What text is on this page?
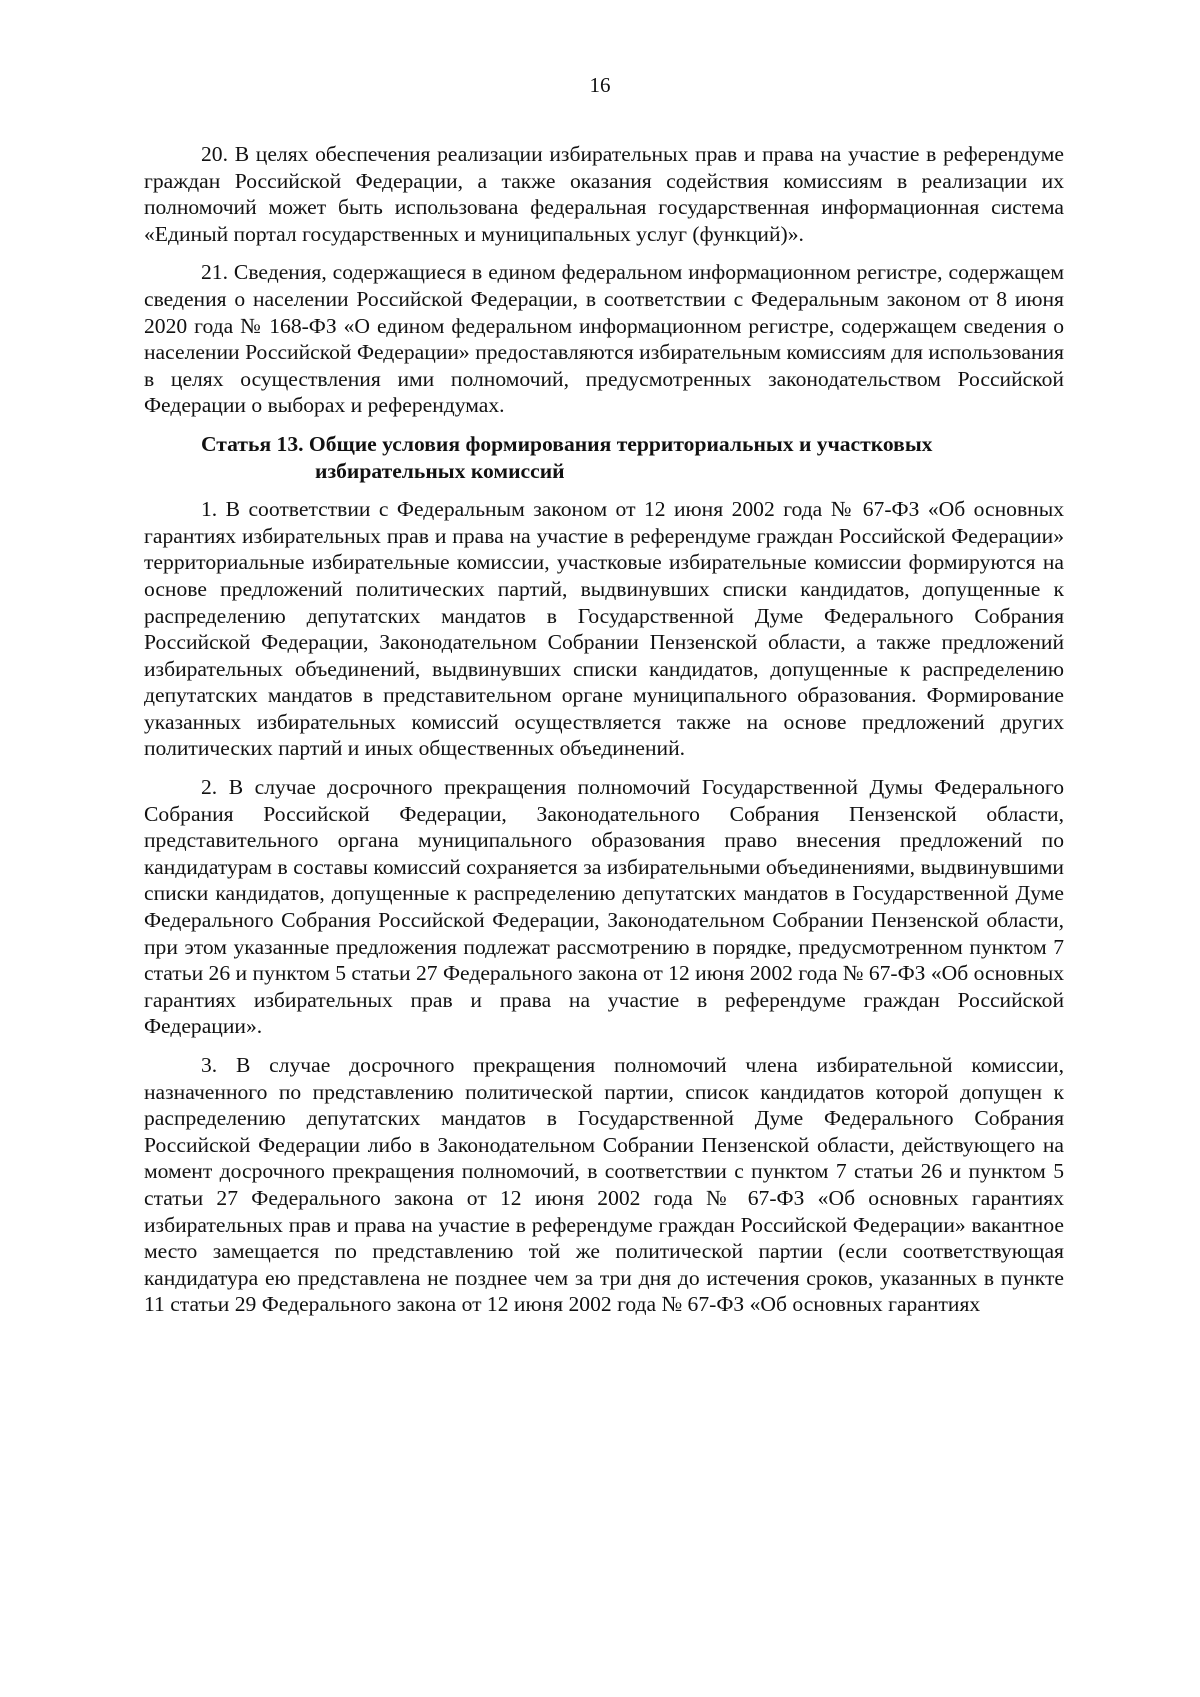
16

20. В целях обеспечения реализации избирательных прав и права на участие в референдуме граждан Российской Федерации, а также оказания содействия комиссиям в реализации их полномочий может быть использована федеральная государственная информационная система «Единый портал государственных и муниципальных услуг (функций)».

21. Сведения, содержащиеся в едином федеральном информационном регистре, содержащем сведения о населении Российской Федерации, в соответствии с Федеральным законом от 8 июня 2020 года № 168-ФЗ «О едином федеральном информационном регистре, содержащем сведения о населении Российской Федерации» предоставляются избирательным комиссиям для использования в целях осуществления ими полномочий, предусмотренных законодательством Российской Федерации о выборах и референдумах.

Статья 13. Общие условия формирования территориальных и участковых
избирательных комиссий

1. В соответствии с Федеральным законом от 12 июня 2002 года № 67-ФЗ «Об основных гарантиях избирательных прав и права на участие в референдуме граждан Российской Федерации» территориальные избирательные комиссии, участковые избирательные комиссии формируются на основе предложений политических партий, выдвинувших списки кандидатов, допущенные к распределению депутатских мандатов в Государственной Думе Федерального Собрания Российской Федерации, Законодательном Собрании Пензенской области, а также предложений избирательных объединений, выдвинувших списки кандидатов, допущенные к распределению депутатских мандатов в представительном органе муниципального образования. Формирование указанных избирательных комиссий осуществляется также на основе предложений других политических партий и иных общественных объединений.

2. В случае досрочного прекращения полномочий Государственной Думы Федерального Собрания Российской Федерации, Законодательного Собрания Пензенской области, представительного органа муниципального образования право внесения предложений по кандидатурам в составы комиссий сохраняется за избирательными объединениями, выдвинувшими списки кандидатов, допущенные к распределению депутатских мандатов в Государственной Думе Федерального Собрания Российской Федерации, Законодательном Собрании Пензенской области, при этом указанные предложения подлежат рассмотрению в порядке, предусмотренном пунктом 7 статьи 26 и пунктом 5 статьи 27 Федерального закона от 12 июня 2002 года № 67-ФЗ «Об основных гарантиях избирательных прав и права на участие в референдуме граждан Российской Федерации».

3. В случае досрочного прекращения полномочий члена избирательной комиссии, назначенного по представлению политической партии, список кандидатов которой допущен к распределению депутатских мандатов в Государственной Думе Федерального Собрания Российской Федерации либо в Законодательном Собрании Пензенской области, действующего на момент досрочного прекращения полномочий, в соответствии с пунктом 7 статьи 26 и пунктом 5 статьи 27 Федерального закона от 12 июня 2002 года № 67-ФЗ «Об основных гарантиях избирательных прав и права на участие в референдуме граждан Российской Федерации» вакантное место замещается по представлению той же политической партии (если соответствующая кандидатура ею представлена не позднее чем за три дня до истечения сроков, указанных в пункте 11 статьи 29 Федерального закона от 12 июня 2002 года № 67-ФЗ «Об основных гарантиях
